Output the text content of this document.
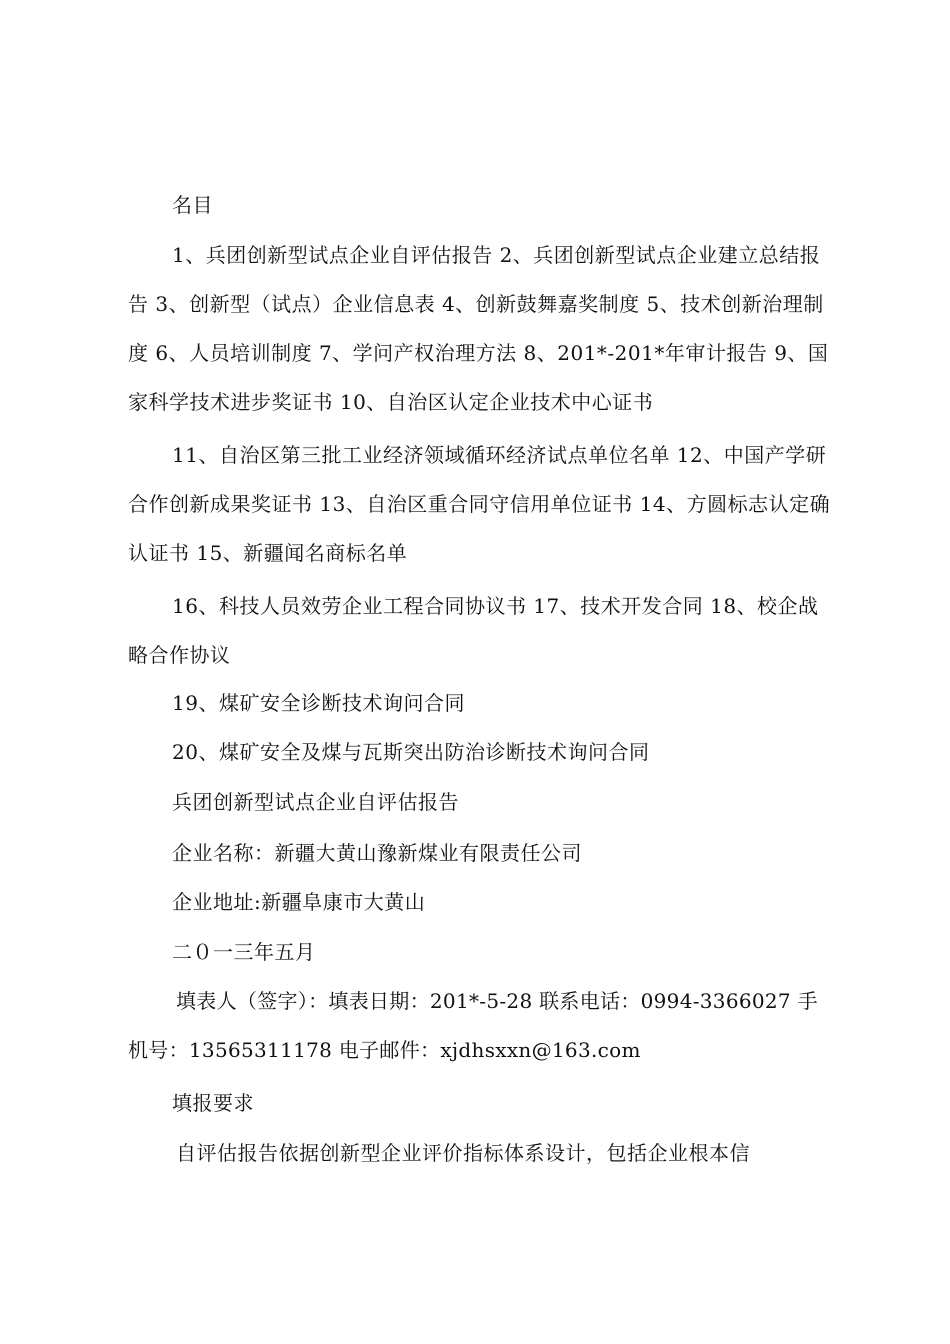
名目

1、兵团创新型试点企业自评估报告 2、兵团创新型试点企业建立总结报告 3、创新型（试点）企业信息表 4、创新鼓舞嘉奖制度 5、技术创新治理制度 6、人员培训制度 7、学问产权治理方法 8、201*-201*年审计报告 9、国家科学技术进步奖证书 10、自治区认定企业技术中心证书

11、自治区第三批工业经济领域循环经济试点单位名单 12、中国产学研合作创新成果奖证书 13、自治区重合同守信用单位证书 14、方圆标志认定确认证书 15、新疆闻名商标名单

16、科技人员效劳企业工程合同协议书 17、技术开发合同 18、校企战略合作协议

19、煤矿安全诊断技术询问合同

20、煤矿安全及煤与瓦斯突出防治诊断技术询问合同

兵团创新型试点企业自评估报告

企业名称：新疆大黄山豫新煤业有限责任公司

企业地址:新疆阜康市大黄山

二０一三年五月

填表人（签字）：填表日期：201*-5-28 联系电话：0994-3366027 手机号：13565311178 电子邮件：xjdhsxxn@163.com

填报要求

自评估报告依据创新型企业评价指标体系设计，包括企业根本信
